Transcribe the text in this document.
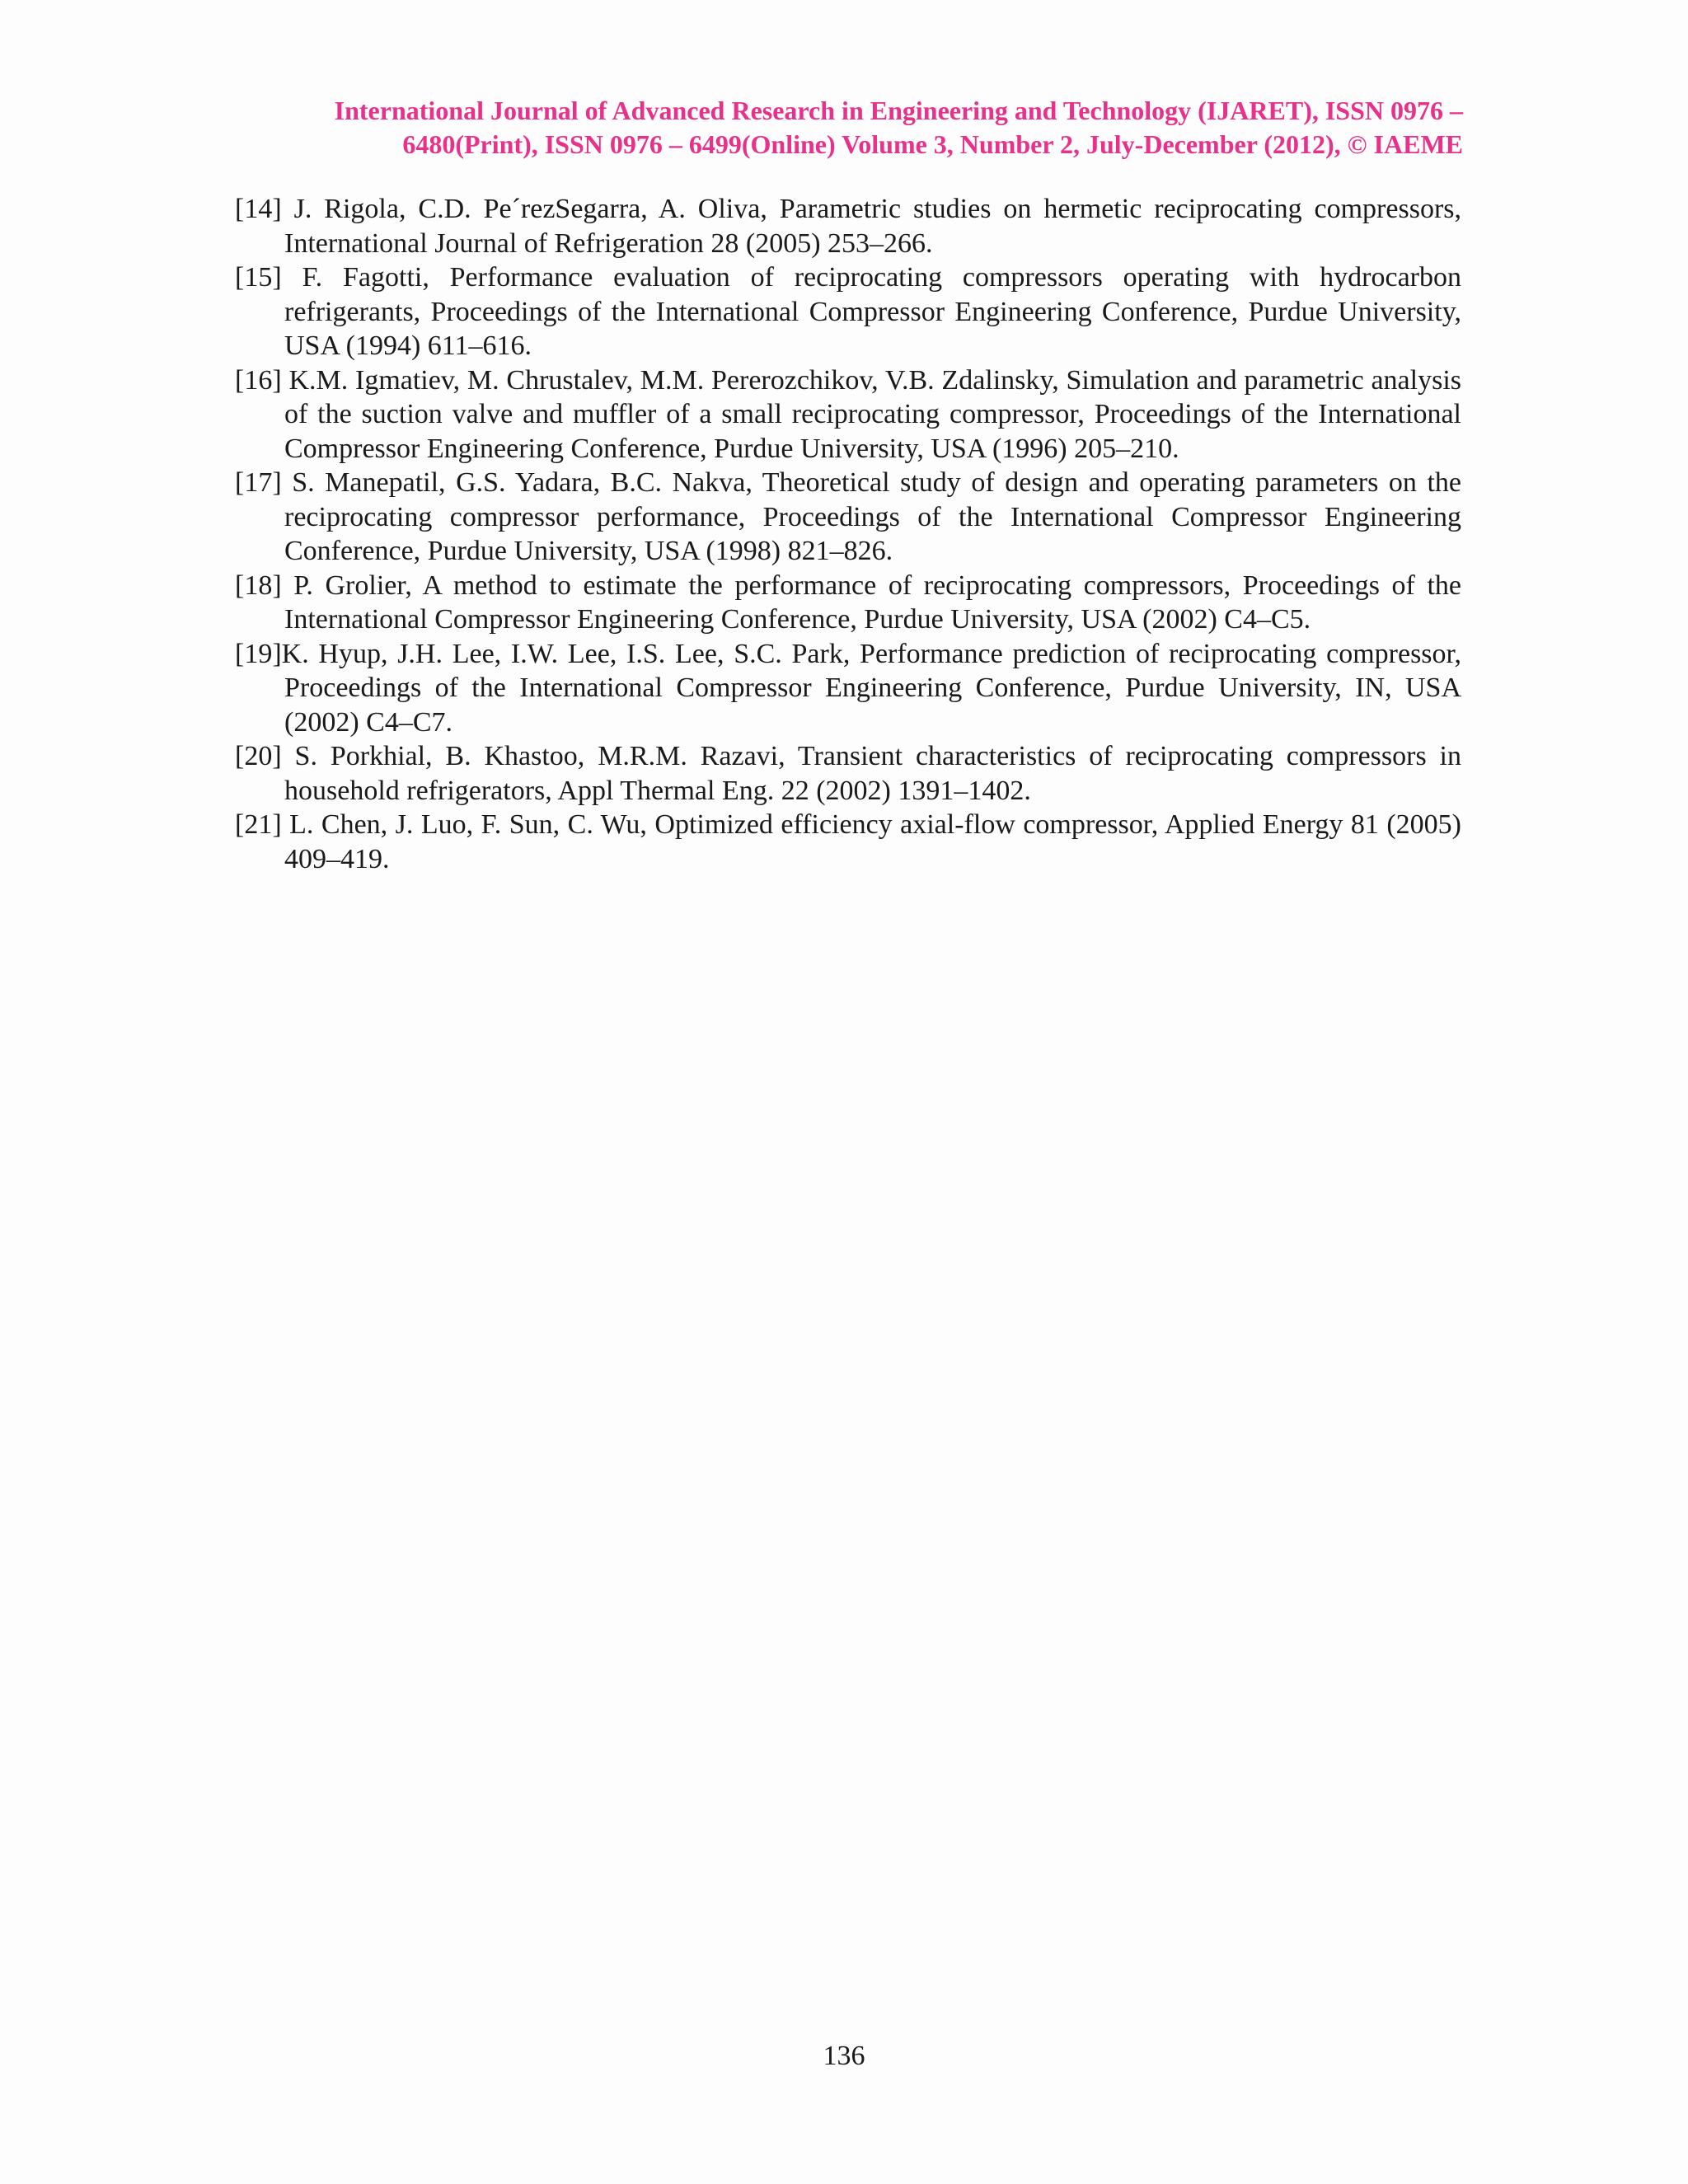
International Journal of Advanced Research in Engineering and Technology (IJARET), ISSN 0976 –
6480(Print), ISSN 0976 – 6499(Online) Volume 3, Number 2, July-December (2012), © IAEME

[14] J. Rigola, C.D. Pe´rezSegarra, A. Oliva, Parametric studies on hermetic reciprocating compressors, International Journal of Refrigeration 28 (2005) 253–266.

[15] F. Fagotti, Performance evaluation of reciprocating compressors operating with hydrocarbon refrigerants, Proceedings of the International Compressor Engineering Conference, Purdue University, USA (1994) 611–616.

[16] K.M. Igmatiev, M. Chrustalev, M.M. Pererozchikov, V.B. Zdalinsky, Simulation and parametric analysis of the suction valve and muffler of a small reciprocating compressor, Proceedings of the International Compressor Engineering Conference, Purdue University, USA (1996) 205–210.

[17] S. Manepatil, G.S. Yadara, B.C. Nakva, Theoretical study of design and operating parameters on the reciprocating compressor performance, Proceedings of the International Compressor Engineering Conference, Purdue University, USA (1998) 821–826.

[18] P. Grolier, A method to estimate the performance of reciprocating compressors, Proceedings of the International Compressor Engineering Conference, Purdue University, USA (2002) C4–C5.

[19]K. Hyup, J.H. Lee, I.W. Lee, I.S. Lee, S.C. Park, Performance prediction of reciprocating compressor, Proceedings of the International Compressor Engineering Conference, Purdue University, IN, USA (2002) C4–C7.

[20] S. Porkhial, B. Khastoo, M.R.M. Razavi, Transient characteristics of reciprocating compressors in household refrigerators, Appl Thermal Eng. 22 (2002) 1391–1402.

[21] L. Chen, J. Luo, F. Sun, C. Wu, Optimized efficiency axial-flow compressor, Applied Energy 81 (2005) 409–419.

136
